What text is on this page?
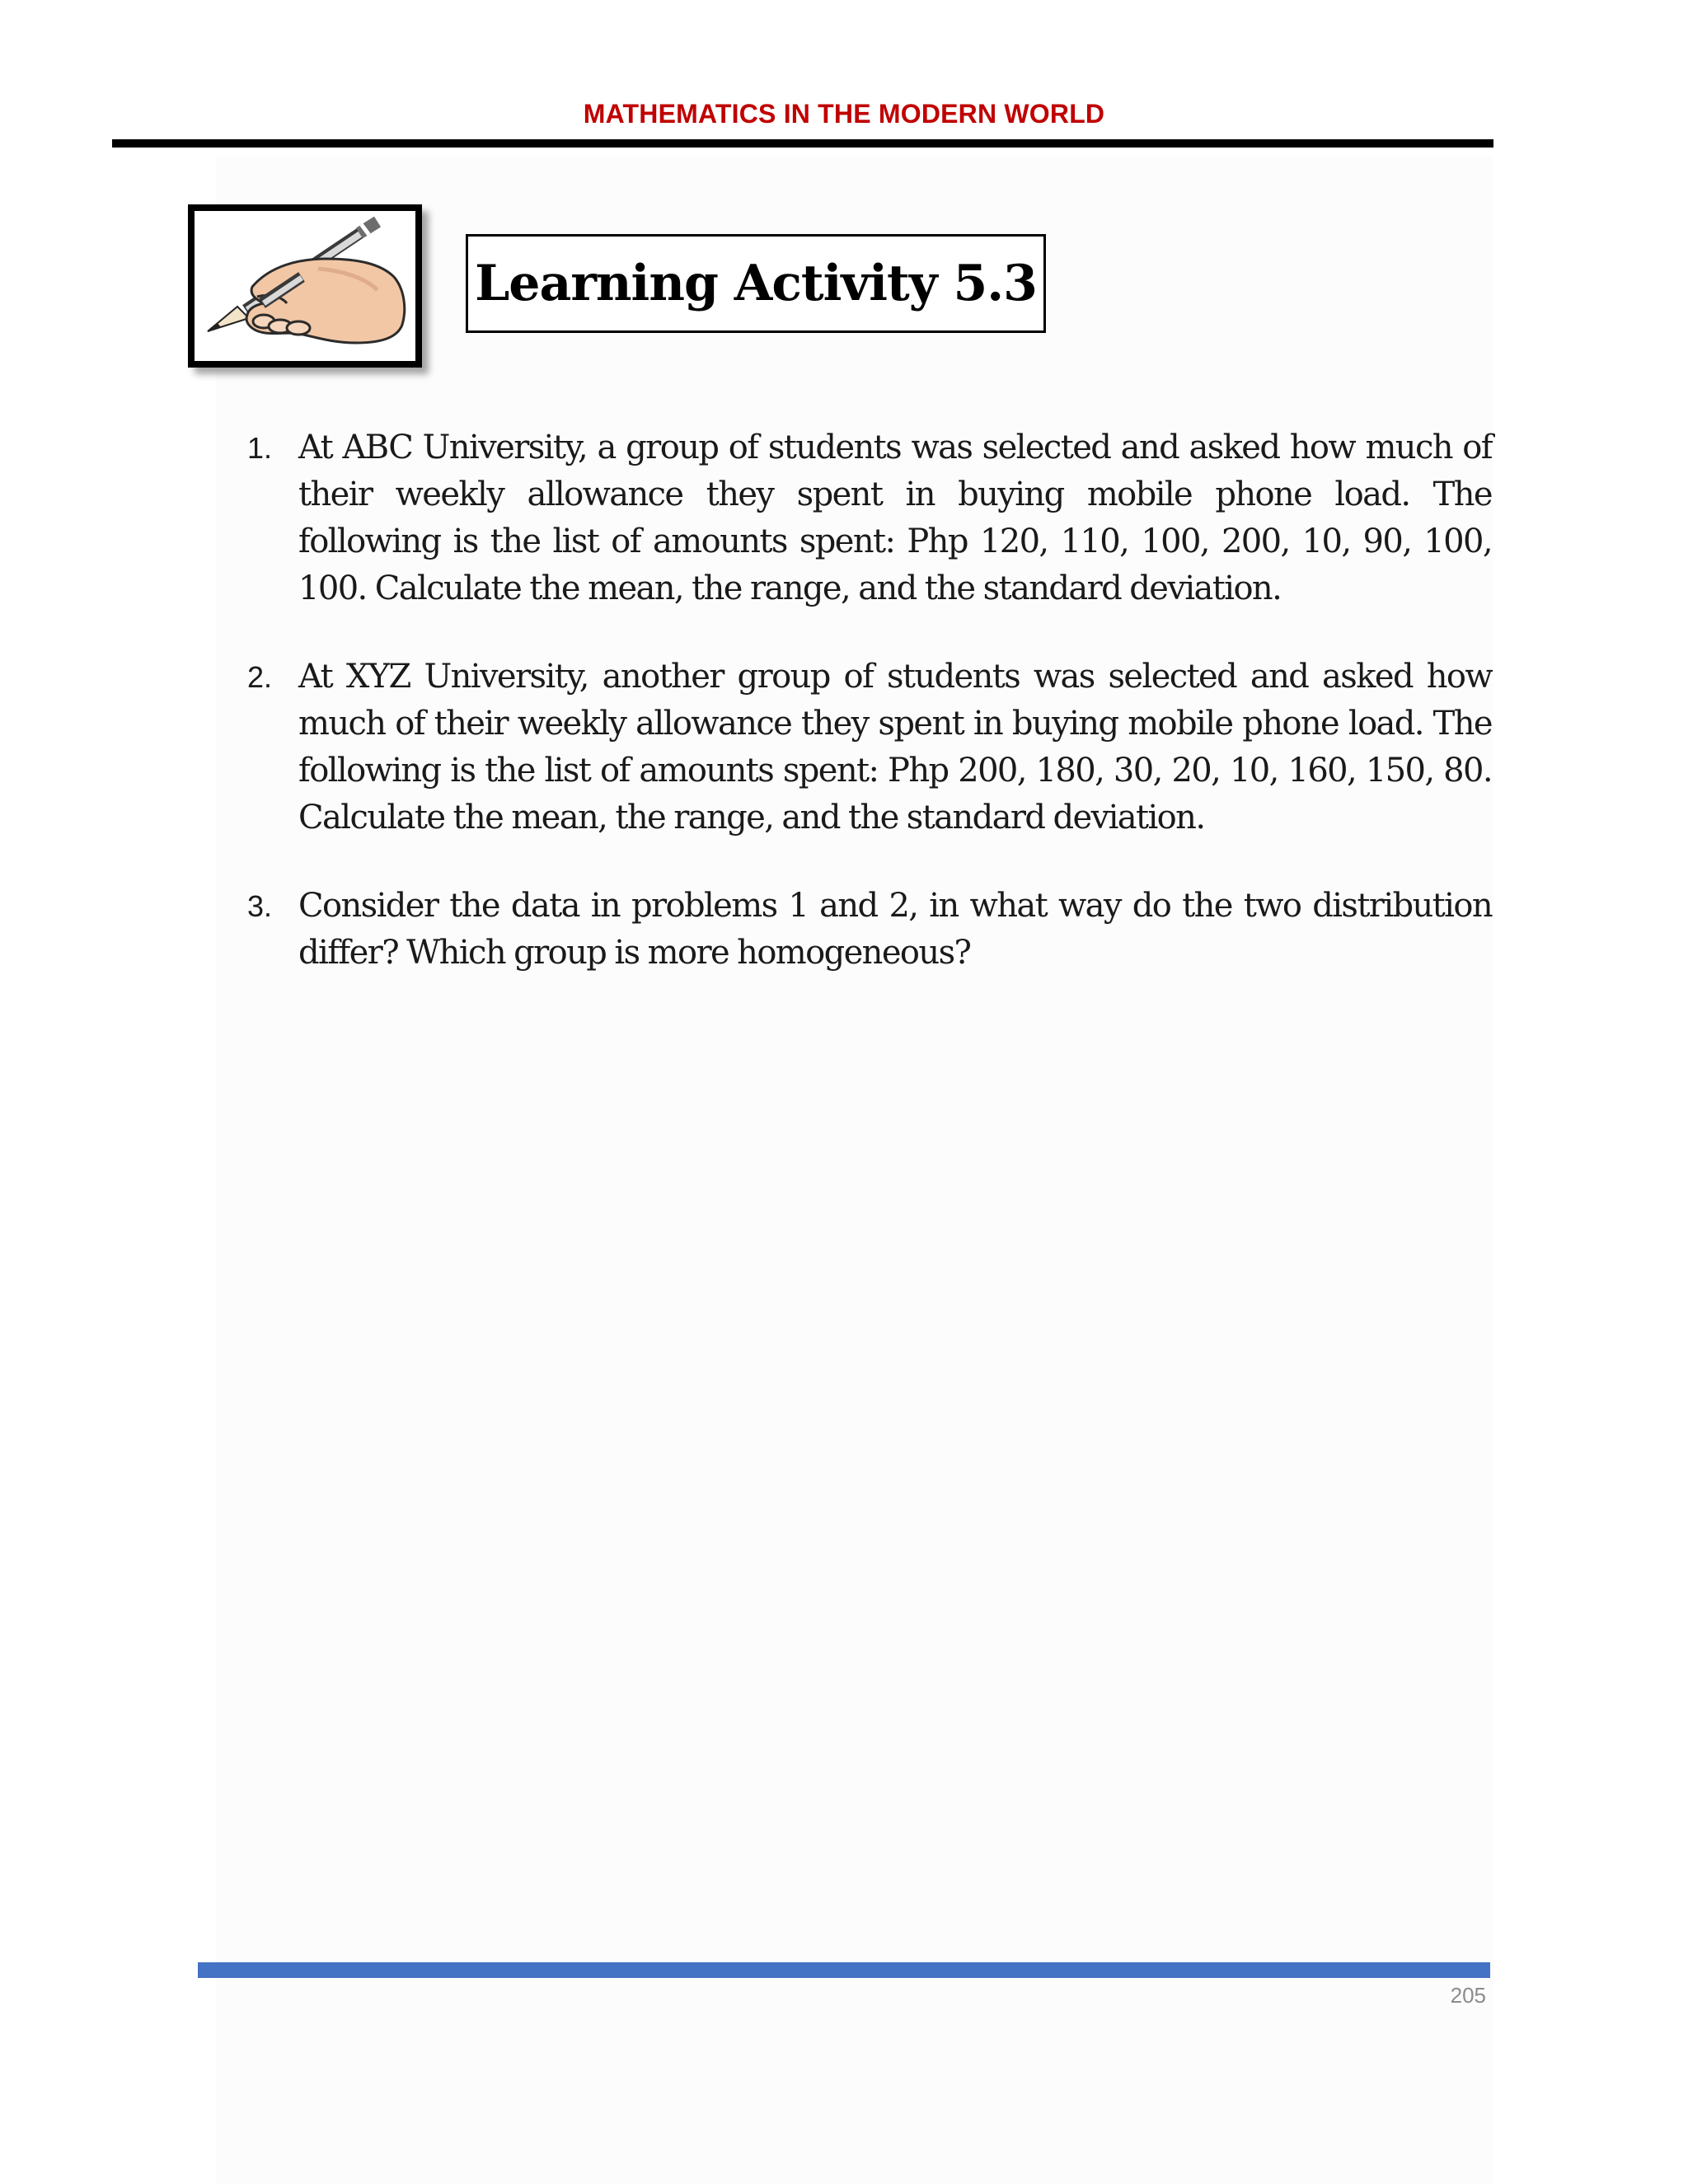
MATHEMATICS IN THE MODERN WORLD
Learning Activity 5.3
1. At ABC University, a group of students was selected and asked how much of their weekly allowance they spent in buying mobile phone load. The following is the list of amounts spent: Php 120, 110, 100, 200, 10, 90, 100, 100. Calculate the mean, the range, and the standard deviation.
2. At XYZ University, another group of students was selected and asked how much of their weekly allowance they spent in buying mobile phone load. The following is the list of amounts spent: Php 200, 180, 30, 20, 10, 160, 150, 80. Calculate the mean, the range, and the standard deviation.
3. Consider the data in problems 1 and 2, in what way do the two distribution differ? Which group is more homogeneous?
205
